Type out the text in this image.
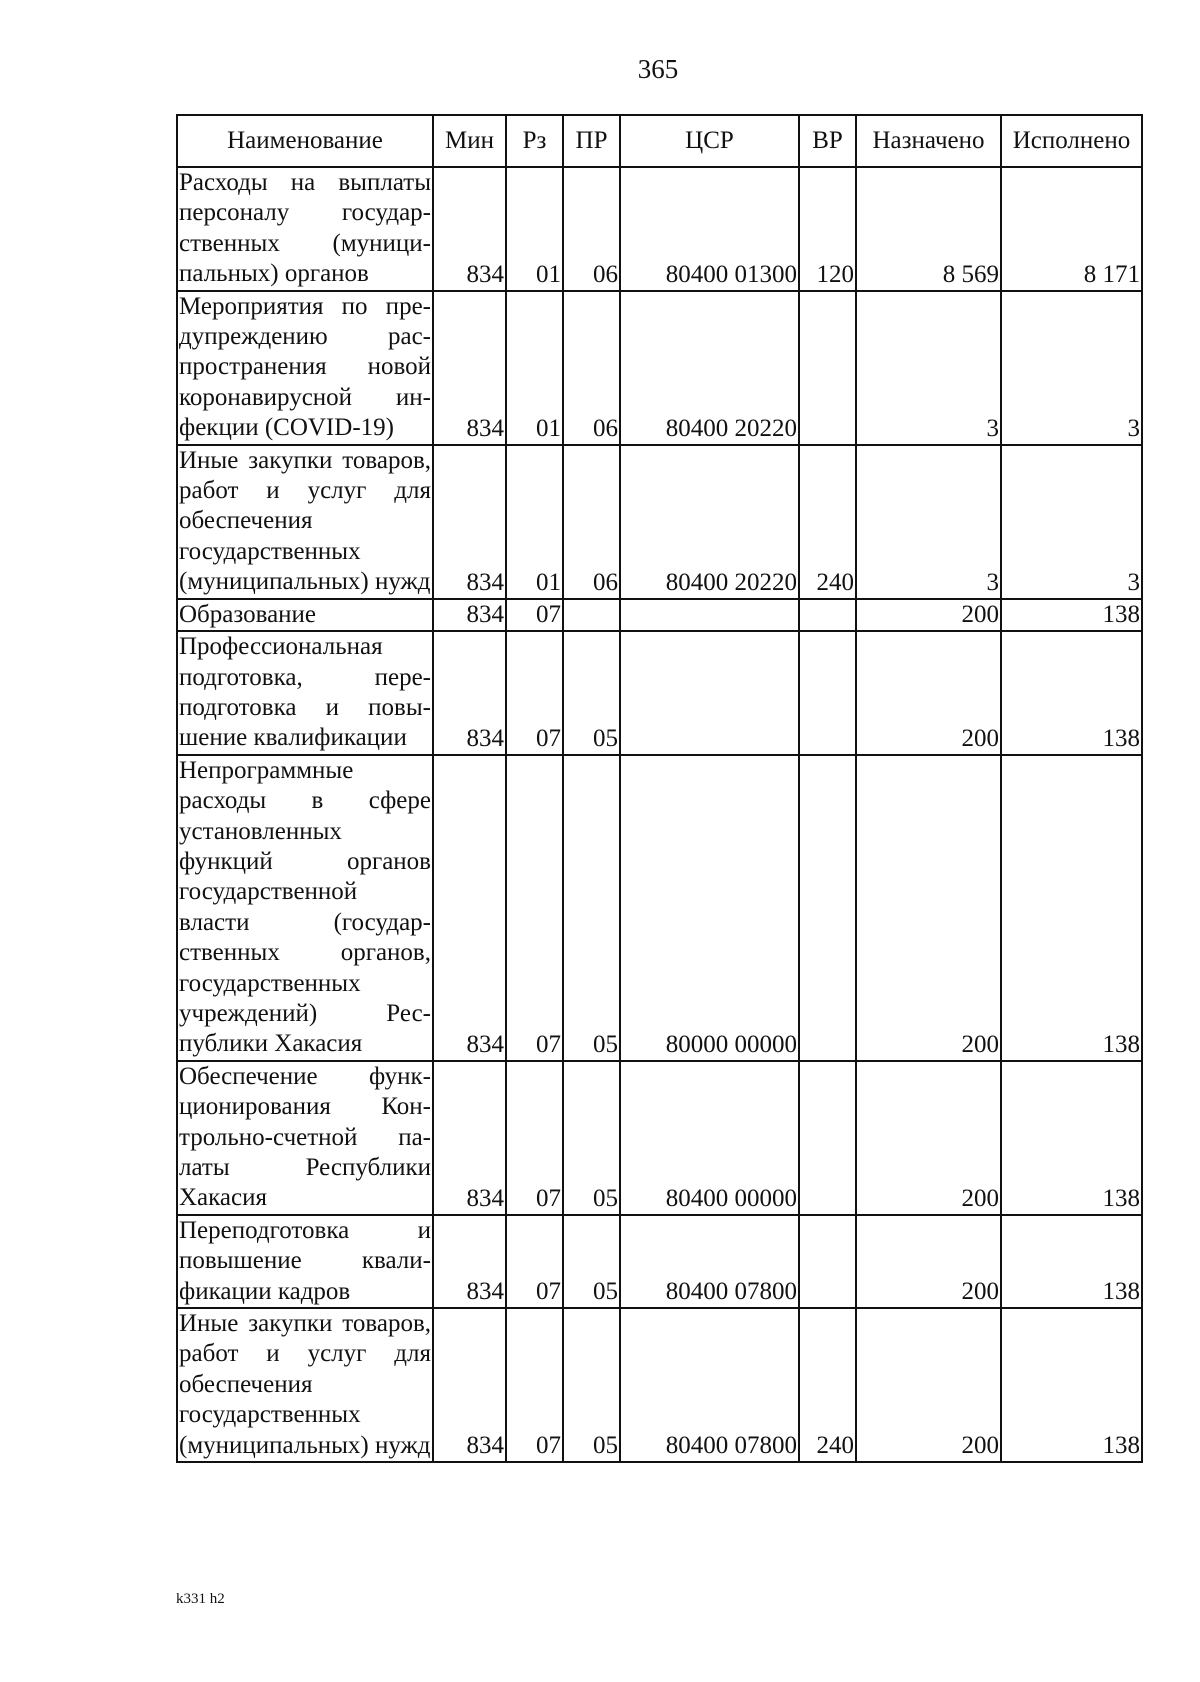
365
Наименование	Мин	Рз	ПР	ЦСР	ВР	Назначено	Исполнено
Расходы на выплаты персоналу государственных (муниципальных) органов	834	01	06	80400 01300	120	8 569	8 171
Мероприятия по предупреждению распространения новой коронавирусной инфекции (COVID-19)	834	01	06	80400 20220		3	3
Иные закупки товаров, работ и услуг для обеспечения государственных (муниципальных) нужд	834	01	06	80400 20220	240	3	3
Образование	834	07				200	138
Профессиональная подготовка, переподготовка и повышение квалификации	834	07	05			200	138
Непрограммные расходы в сфере установленных функций органов государственной власти (государственных органов, государственных учреждений) Республики Хакасия	834	07	05	80000 00000		200	138
Обеспечение функционирования Контрольно-счетной палаты Республики Хакасия	834	07	05	80400 00000		200	138
Переподготовка и повышение квалификации кадров	834	07	05	80400 07800		200	138
Иные закупки товаров, работ и услуг для обеспечения государственных (муниципальных) нужд	834	07	05	80400 07800	240	200	138
k331 h2
